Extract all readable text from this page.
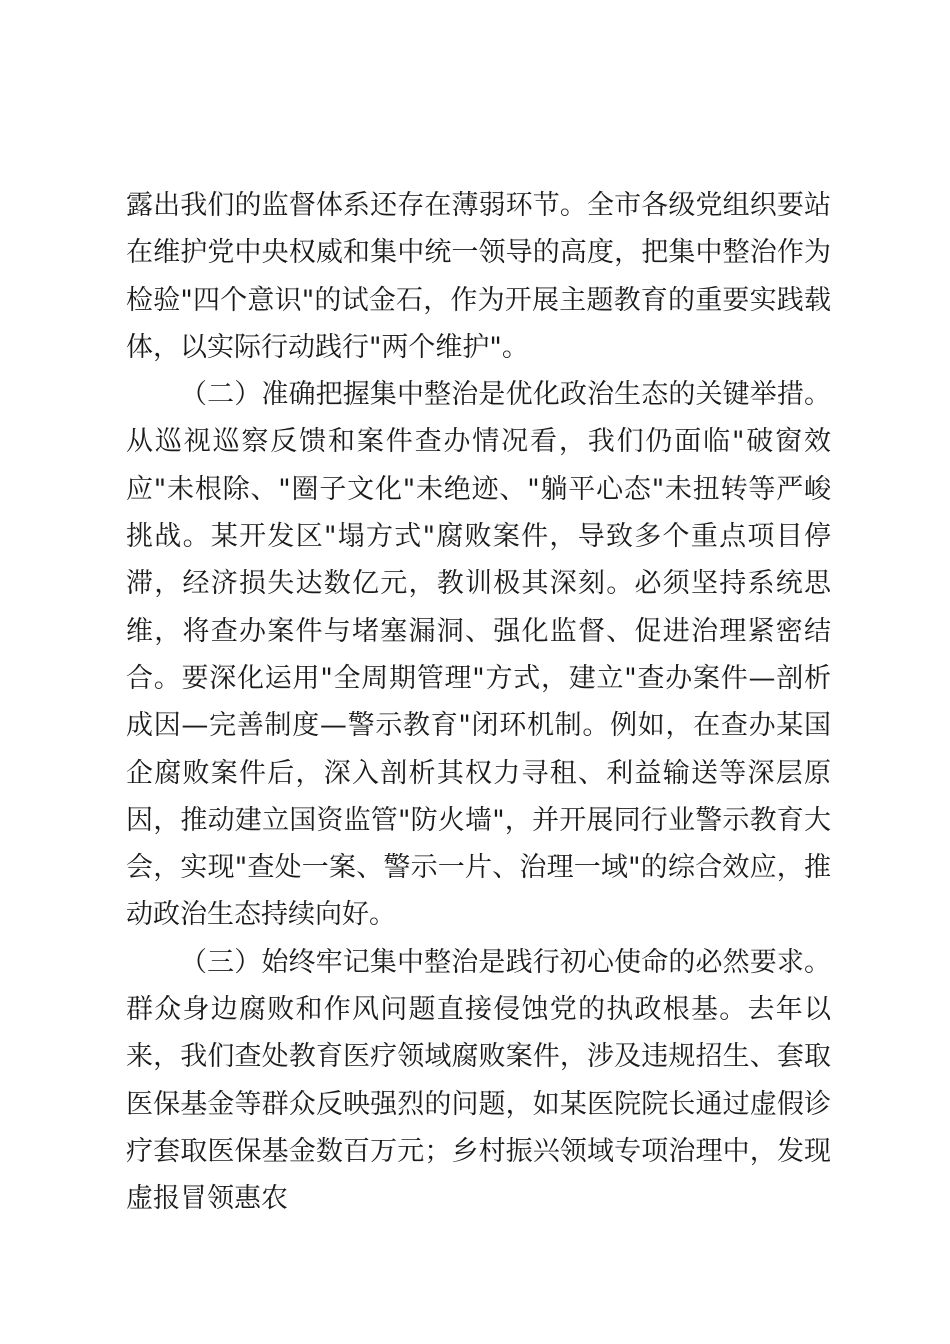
露出我们的监督体系还存在薄弱环节。全市各级党组织要站在维护党中央权威和集中统一领导的高度，把集中整治作为检验"四个意识"的试金石，作为开展主题教育的重要实践载体，以实际行动践行"两个维护"。

（二）准确把握集中整治是优化政治生态的关键举措。从巡视巡察反馈和案件查办情况看，我们仍面临"破窗效应"未根除、"圈子文化"未绝迹、"躺平心态"未扭转等严峻挑战。某开发区"塌方式"腐败案件，导致多个重点项目停滞，经济损失达数亿元，教训极其深刻。必须坚持系统思维，将查办案件与堵塞漏洞、强化监督、促进治理紧密结合。要深化运用"全周期管理"方式，建立"查办案件—剖析成因—完善制度—警示教育"闭环机制。例如，在查办某国企腐败案件后，深入剖析其权力寻租、利益输送等深层原因，推动建立国资监管"防火墙"，并开展同行业警示教育大会，实现"查处一案、警示一片、治理一域"的综合效应，推动政治生态持续向好。

（三）始终牢记集中整治是践行初心使命的必然要求。群众身边腐败和作风问题直接侵蚀党的执政根基。去年以来，我们查处教育医疗领域腐败案件，涉及违规招生、套取医保基金等群众反映强烈的问题，如某医院院长通过虚假诊疗套取医保基金数百万元；乡村振兴领域专项治理中，发现虚报冒领惠农
